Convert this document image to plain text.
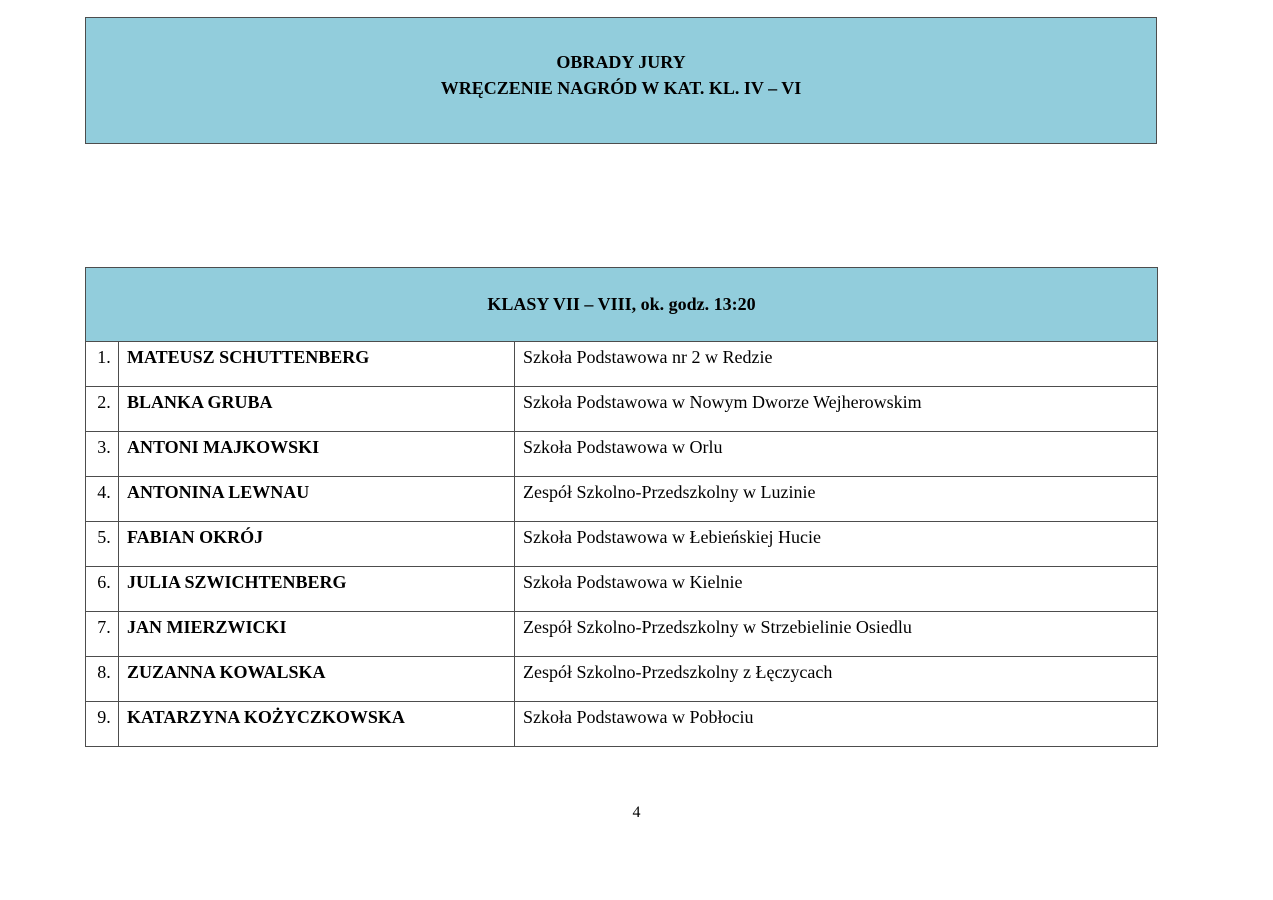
OBRADY JURY
WRĘCZENIE NAGRÓD W KAT. KL. IV – VI
KLASY VII – VIII, ok. godz. 13:20		
1.	MATEUSZ SCHUTTENBERG	Szkoła Podstawowa nr 2 w Redzie
2.	BLANKA GRUBA	Szkoła Podstawowa w Nowym Dworze Wejherowskim
3.	ANTONI MAJKOWSKI	Szkoła Podstawowa w Orlu
4.	ANTONINA LEWNAU	Zespół Szkolno-Przedszkolny w Luzinie
5.	FABIAN OKRÓJ	Szkoła Podstawowa w Łebieńskiej Hucie
6.	JULIA SZWICHTENBERG	Szkoła Podstawowa w Kielnie
7.	JAN MIERZWICKI	Zespół Szkolno-Przedszkolny w Strzebielinie Osiedlu
8.	ZUZANNA KOWALSKA	Zespół Szkolno-Przedszkolny z Łęczycach
9.	KATARZYNA KOŻYCZKOWSKA	Szkoła Podstawowa w Pobłociu
4
